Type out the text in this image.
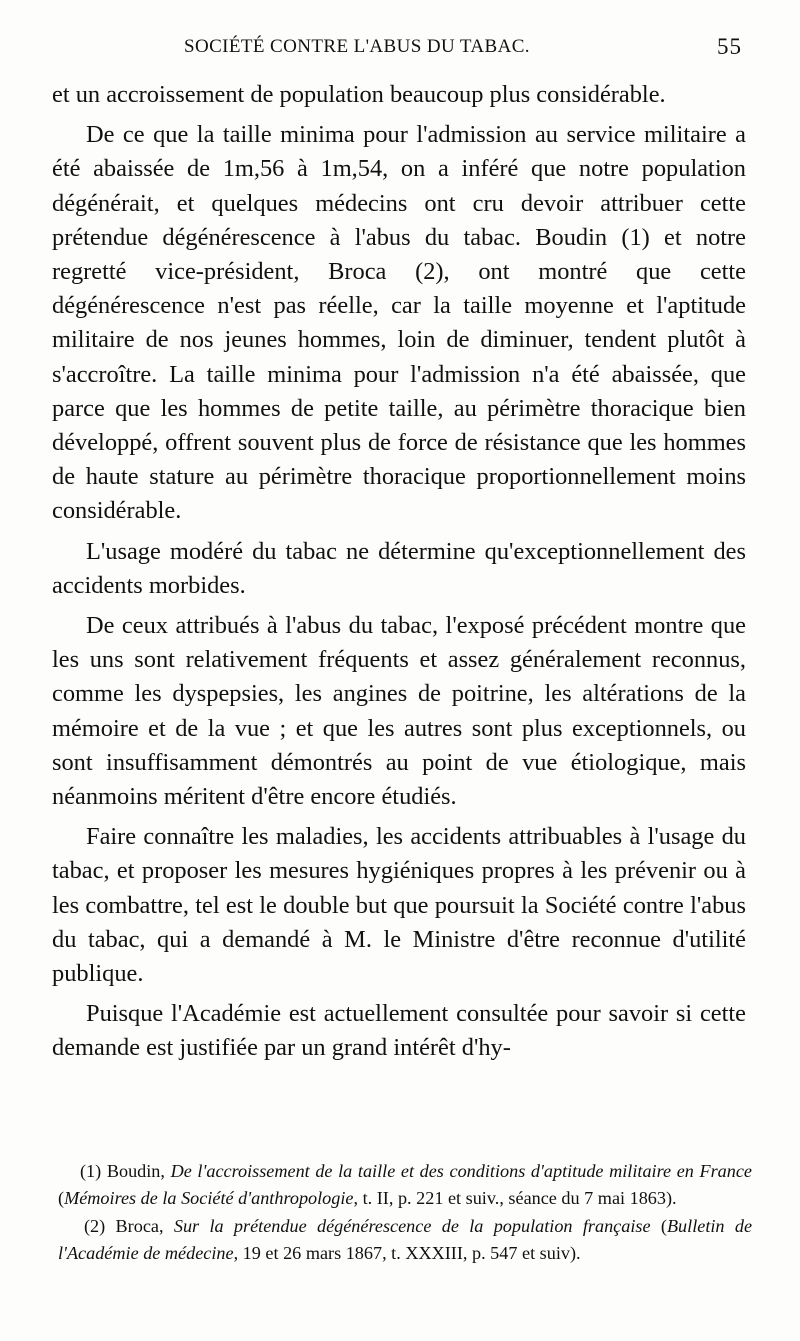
SOCIÉTÉ CONTRE L'ABUS DU TABAC.	55

et un accroissement de population beaucoup plus considérable.

De ce que la taille minima pour l'admission au service militaire a été abaissée de 1m,56 à 1m,54, on a inféré que notre population dégénérait, et quelques médecins ont cru devoir attribuer cette prétendue dégénérescence à l'abus du tabac. Boudin (1) et notre regretté vice-président, Broca (2), ont montré que cette dégénérescence n'est pas réelle, car la taille moyenne et l'aptitude militaire de nos jeunes hommes, loin de diminuer, tendent plutôt à s'accroître. La taille minima pour l'admission n'a été abaissée, que parce que les hommes de petite taille, au périmètre thoracique bien développé, offrent souvent plus de force de résistance que les hommes de haute stature au périmètre thoracique proportionnellement moins considérable.

L'usage modéré du tabac ne détermine qu'exceptionnellement des accidents morbides.

De ceux attribués à l'abus du tabac, l'exposé précédent montre que les uns sont relativement fréquents et assez généralement reconnus, comme les dyspepsies, les angines de poitrine, les altérations de la mémoire et de la vue ; et que les autres sont plus exceptionnels, ou sont insuffisamment démontrés au point de vue étiologique, mais néanmoins méritent d'être encore étudiés.

Faire connaître les maladies, les accidents attribuables à l'usage du tabac, et proposer les mesures hygiéniques propres à les prévenir ou à les combattre, tel est le double but que poursuit la Société contre l'abus du tabac, qui a demandé à M. le Ministre d'être reconnue d'utilité publique.

Puisque l'Académie est actuellement consultée pour savoir si cette demande est justifiée par un grand intérêt d'hy-

(1) Boudin, De l'accroissement de la taille et des conditions d'aptitude militaire en France (Mémoires de la Société d'anthropologie, t. II, p. 221 et suiv., séance du 7 mai 1863).

(2) Broca, Sur la prétendue dégénérescence de la population française (Bulletin de l'Académie de médecine, 19 et 26 mars 1867, t. XXXIII, p. 547 et suiv).
